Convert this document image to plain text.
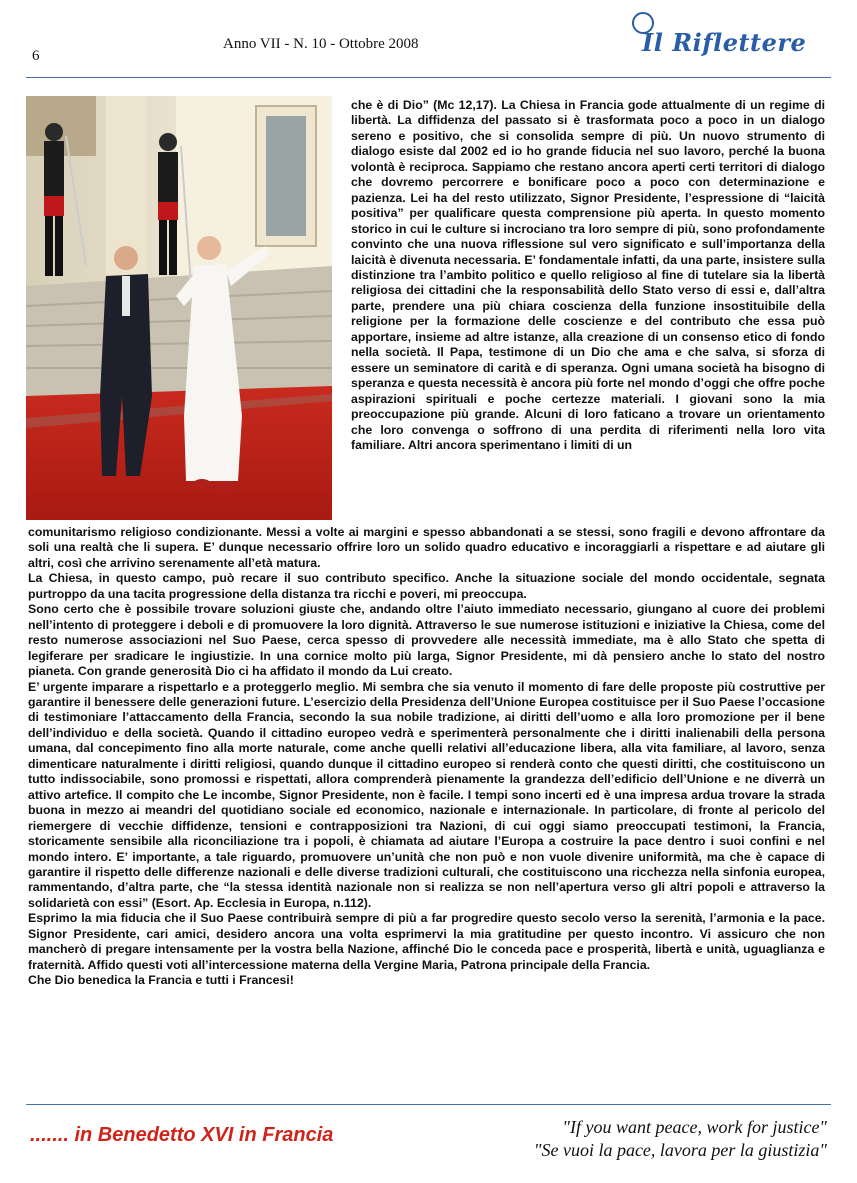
6
Anno VII - N. 10 - Ottobre 2008	Il Riflettere

che è di Dio” (Mc 12,17). La Chiesa in Francia gode attualmente di un regime di libertà. La diffidenza del passato si è trasformata poco a poco in un dialogo sereno e positivo, che si consolida sempre di più. Un nuovo strumento di dialogo esiste dal 2002 ed io ho grande fiducia nel suo lavoro, perché la buona volontà è reciproca. Sappiamo che restano ancora aperti certi territori di dialogo che dovremo percorrere e bonificare poco a poco con determinazione e pazienza. Lei ha del resto utilizzato, Signor Presidente, l’espressione di “laicità positiva” per qualificare questa comprensione più aperta. In questo momento storico in cui le culture si incrociano tra loro sempre di più, sono profondamente convinto che una nuova riflessione sul vero significato e sull’importanza della laicità è divenuta necessaria. E’ fondamentale infatti, da una parte, insistere sulla distinzione tra l’ambito politico e quello religioso al fine di tutelare sia la libertà religiosa dei cittadini che la responsabilità dello Stato verso di essi e, dall’altra parte, prendere una più chiara coscienza della funzione insostituibile della religione per la formazione delle coscienze e del contributo che essa può apportare, insieme ad altre istanze, alla creazione di un consenso etico di fondo nella società. Il Papa, testimone di un Dio che ama e che salva, si sforza di essere un seminatore di carità e di speranza. Ogni umana società ha bisogno di speranza e questa necessità è ancora più forte nel mondo d’oggi che offre poche aspirazioni spirituali e poche certezze materiali. I giovani sono la mia preoccupazione più grande. Alcuni di loro faticano a trovare un orientamento che loro convenga o soffrono di una perdita di riferimenti nella loro vita familiare. Altri ancora sperimentano i limiti di un

comunitarismo religioso condizionante. Messi a volte ai margini e spesso abbandonati a se stessi, sono fragili e devono affrontare da soli una realtà che li supera. E’ dunque necessario offrire loro un solido quadro educativo e incoraggiarli a rispettare e ad aiutare gli altri, così che arrivino serenamente all’età matura.

La Chiesa, in questo campo, può recare il suo contributo specifico. Anche la situazione sociale del mondo occidentale, segnata purtroppo da una tacita progressione della distanza tra ricchi e poveri, mi preoccupa.

Sono certo che è possibile trovare soluzioni giuste che, andando oltre l’aiuto immediato necessario, giungano al cuore dei problemi nell’intento di proteggere i deboli e di promuovere la loro dignità. Attraverso le sue numerose istituzioni e iniziative la Chiesa, come del resto numerose associazioni nel Suo Paese, cerca spesso di provvedere alle necessità immediate, ma è allo Stato che spetta di legiferare per sradicare le ingiustizie. In una cornice molto più larga, Signor Presidente, mi dà pensiero anche lo stato del nostro pianeta. Con grande generosità Dio ci ha affidato il mondo da Lui creato.

E’ urgente imparare a rispettarlo e a proteggerlo meglio. Mi sembra che sia venuto il momento di fare delle proposte più costruttive per garantire il benessere delle generazioni future. L’esercizio della Presidenza dell’Unione Europea costituisce per il Suo Paese l’occasione di testimoniare l’attaccamento della Francia, secondo la sua nobile tradizione, ai diritti dell’uomo e alla loro promozione per il bene dell’individuo e della società. Quando il cittadino europeo vedrà e sperimenterà personalmente che i diritti inalienabili della persona umana, dal concepimento fino alla morte naturale, come anche quelli relativi all’educazione libera, alla vita familiare, al lavoro, senza dimenticare naturalmente i diritti religiosi, quando dunque il cittadino europeo si renderà conto che questi diritti, che costituiscono un tutto indissociabile, sono promossi e rispettati, allora comprenderà pienamente la grandezza dell’edificio dell’Unione e ne diverrà un attivo artefice. Il compito che Le incombe, Signor Presidente, non è facile. I tempi sono incerti ed è una impresa ardua trovare la strada buona in mezzo ai meandri del quotidiano sociale ed economico, nazionale e internazionale. In particolare, di fronte al pericolo del riemergere di vecchie diffidenze, tensioni e contrapposizioni tra Nazioni, di cui oggi siamo preoccupati testimoni, la Francia, storicamente sensibile alla riconciliazione tra i popoli, è chiamata ad aiutare l’Europa a costruire la pace dentro i suoi confini e nel mondo intero. E’ importante, a tale riguardo, promuovere un’unità che non può e non vuole divenire uniformità, ma che è capace di garantire il rispetto delle differenze nazionali e delle diverse tradizioni culturali, che costituiscono una ricchezza nella sinfonia europea, rammentando, d’altra parte, che “la stessa identità nazionale non si realizza se non nell’apertura verso gli altri popoli e attraverso la solidarietà con essi” (Esort. Ap. Ecclesia in Europa, n.112).

Esprimo la mia fiducia che il Suo Paese contribuirà sempre di più a far progredire questo secolo verso la serenità, l’armonia e la pace. Signor Presidente, cari amici, desidero ancora una volta esprimervi la mia gratitudine per questo incontro. Vi assicuro che non mancherò di pregare intensamente per la vostra bella Nazione, affinché Dio le conceda pace e prosperità, libertà e unità, uguaglianza e fraternità. Affido questi voti all’intercessione materna della Vergine Maria, Patrona principale della Francia.

Che Dio benedica la Francia e tutti i Francesi!

....... in Benedetto XVI in Francia	"If you want peace, work for justice"
"Se vuoi la pace, lavora per la giustizia"
